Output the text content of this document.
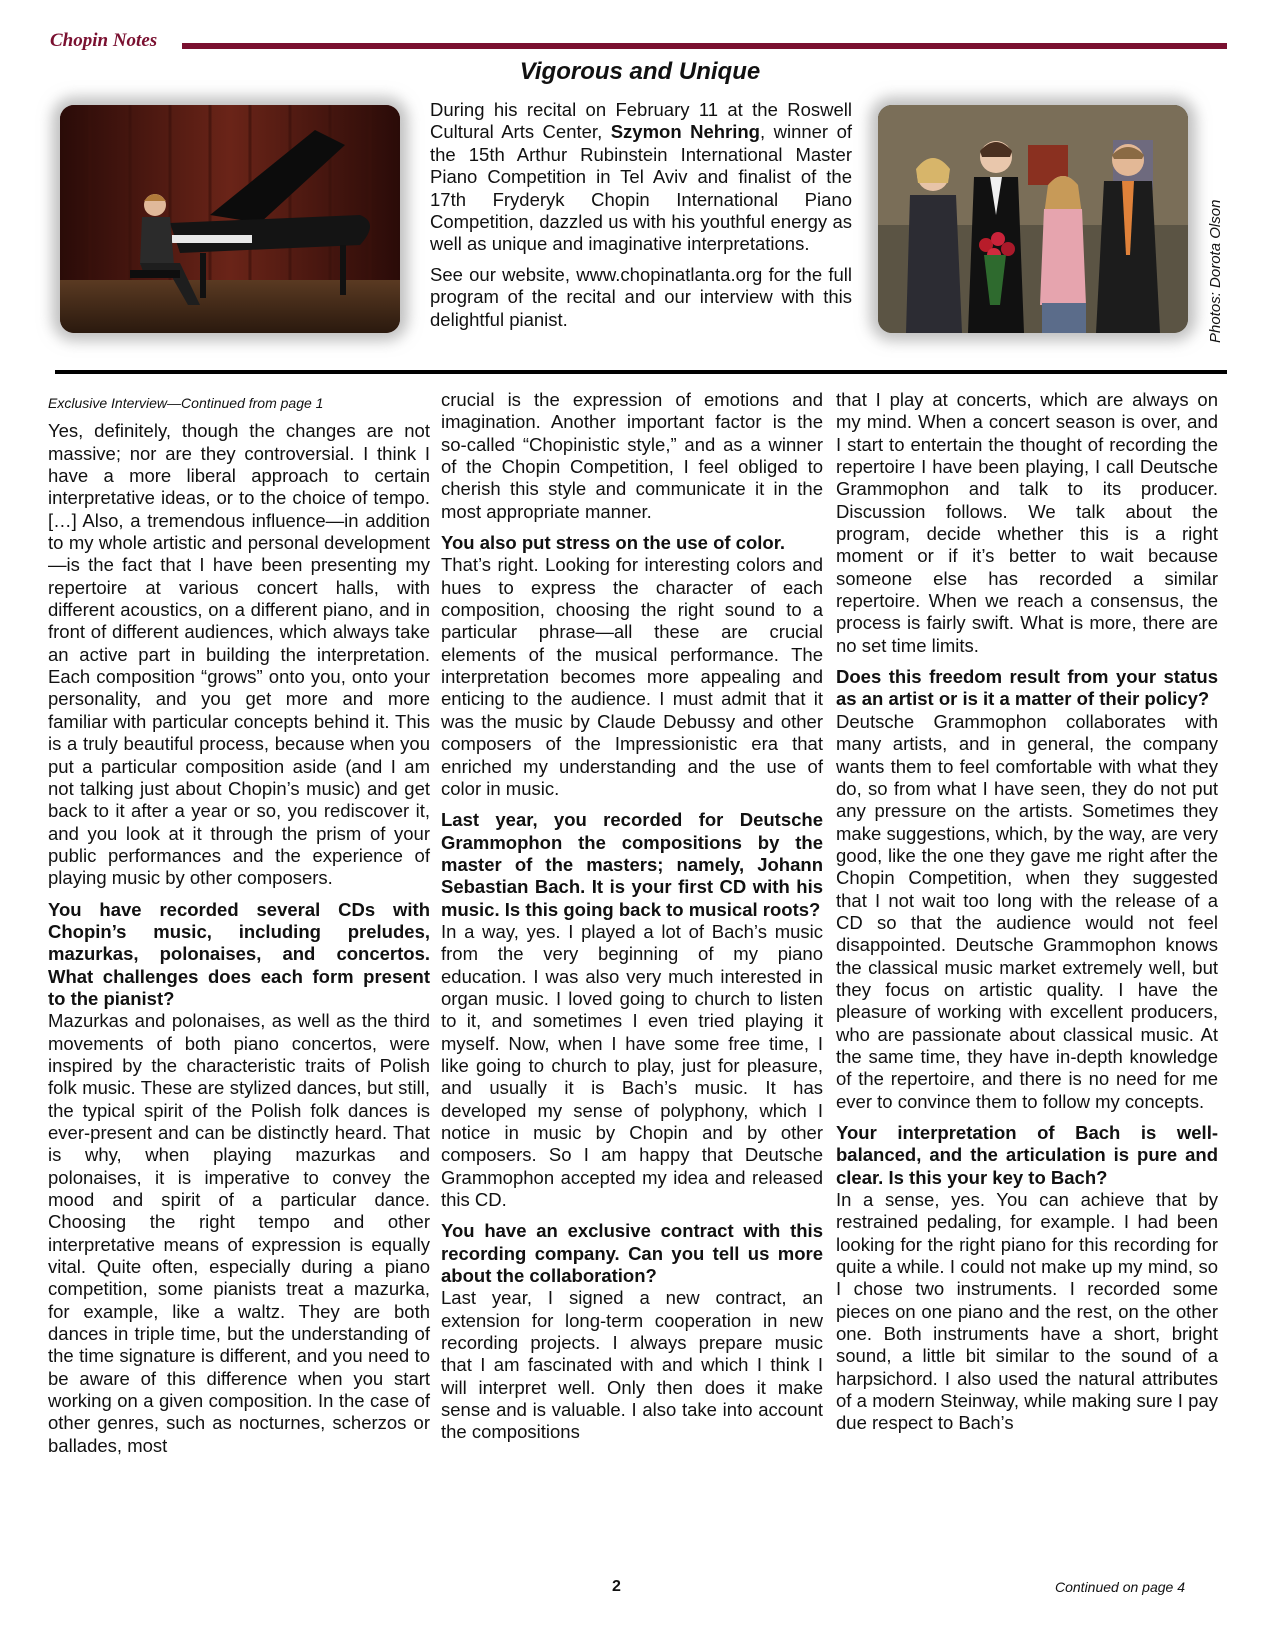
Chopin Notes
Vigorous and Unique

During his recital on February 11 at the Roswell Cultural Arts Center, Szymon Nehring, winner of the 15th Arthur Rubinstein International Master Piano Competition in Tel Aviv and finalist of the 17th Fryderyk Chopin International Piano Competition, dazzled us with his youthful energy as well as unique and imaginative interpretations.

See our website, www.chopinatlanta.org for the full program of the recital and our interview with this delightful pianist.	Photos: Dorota Olson
Exclusive Interview—Continued from page 1

Yes, definitely, though the changes are not massive; nor are they controversial. I think I have a more liberal approach to certain interpretative ideas, or to the choice of tempo. […] Also, a tremendous influence—in addition to my whole artistic and personal development—is the fact that I have been presenting my repertoire at various concert halls, with different acoustics, on a different piano, and in front of different audiences, which always take an active part in building the interpretation. Each composition “grows” onto you, onto your personality, and you get more and more familiar with particular concepts behind it. This is a truly beautiful process, because when you put a particular composition aside (and I am not talking just about Chopin’s music) and get back to it after a year or so, you rediscover it, and you look at it through the prism of your public performances and the experience of playing music by other composers.

You have recorded several CDs with Chopin’s music, including preludes, mazurkas, polonaises, and concertos. What challenges does each form present to the pianist?

Mazurkas and polonaises, as well as the third movements of both piano concertos, were inspired by the characteristic traits of Polish folk music. These are stylized dances, but still, the typical spirit of the Polish folk dances is ever-present and can be distinctly heard. That is why, when playing mazurkas and polonaises, it is imperative to convey the mood and spirit of a particular dance. Choosing the right tempo and other interpretative means of expression is equally vital. Quite often, especially during a piano competition, some pianists treat a mazurka, for example, like a waltz. They are both dances in triple time, but the understanding of the time signature is different, and you need to be aware of this difference when you start working on a given composition. In the case of other genres, such as nocturnes, scherzos or ballades, most

crucial is the expression of emotions and imagination. Another important factor is the so-called “Chopinistic style,” and as a winner of the Chopin Competition, I feel obliged to cherish this style and communicate it in the most appropriate manner.

You also put stress on the use of color.

That’s right. Looking for interesting colors and hues to express the character of each composition, choosing the right sound to a particular phrase—all these are crucial elements of the musical performance. The interpretation becomes more appealing and enticing to the audience. I must admit that it was the music by Claude Debussy and other composers of the Impressionistic era that enriched my understanding and the use of color in music.

Last year, you recorded for Deutsche Grammophon the compositions by the master of the masters; namely, Johann Sebastian Bach. It is your first CD with his music. Is this going back to musical roots?

In a way, yes. I played a lot of Bach’s music from the very beginning of my piano education. I was also very much interested in organ music. I loved going to church to listen to it, and sometimes I even tried playing it myself. Now, when I have some free time, I like going to church to play, just for pleasure, and usually it is Bach’s music. It has developed my sense of polyphony, which I notice in music by Chopin and by other composers. So I am happy that Deutsche Grammophon accepted my idea and released this CD.

You have an exclusive contract with this recording company. Can you tell us more about the collaboration?

Last year, I signed a new contract, an extension for long-term cooperation in new recording projects. I always prepare music that I am fascinated with and which I think I will interpret well. Only then does it make sense and is valuable. I also take into account the compositions

that I play at concerts, which are always on my mind. When a concert season is over, and I start to entertain the thought of recording the repertoire I have been playing, I call Deutsche Grammophon and talk to its producer. Discussion follows. We talk about the program, decide whether this is a right moment or if it’s better to wait because someone else has recorded a similar repertoire. When we reach a consensus, the process is fairly swift. What is more, there are no set time limits.

Does this freedom result from your status as an artist or is it a matter of their policy?

Deutsche Grammophon collaborates with many artists, and in general, the company wants them to feel comfortable with what they do, so from what I have seen, they do not put any pressure on the artists. Sometimes they make suggestions, which, by the way, are very good, like the one they gave me right after the Chopin Competition, when they suggested that I not wait too long with the release of a CD so that the audience would not feel disappointed. Deutsche Grammophon knows the classical music market extremely well, but they focus on artistic quality. I have the pleasure of working with excellent producers, who are passionate about classical music. At the same time, they have in-depth knowledge of the repertoire, and there is no need for me ever to convince them to follow my concepts.

Your interpretation of Bach is well-balanced, and the articulation is pure and clear. Is this your key to Bach?

In a sense, yes. You can achieve that by restrained pedaling, for example. I had been looking for the right piano for this recording for quite a while. I could not make up my mind, so I chose two instruments. I recorded some pieces on one piano and the rest, on the other one. Both instruments have a short, bright sound, a little bit similar to the sound of a harpsichord. I also used the natural attributes of a modern Steinway, while making sure I pay due respect to Bach’s

2	Continued on page 4
